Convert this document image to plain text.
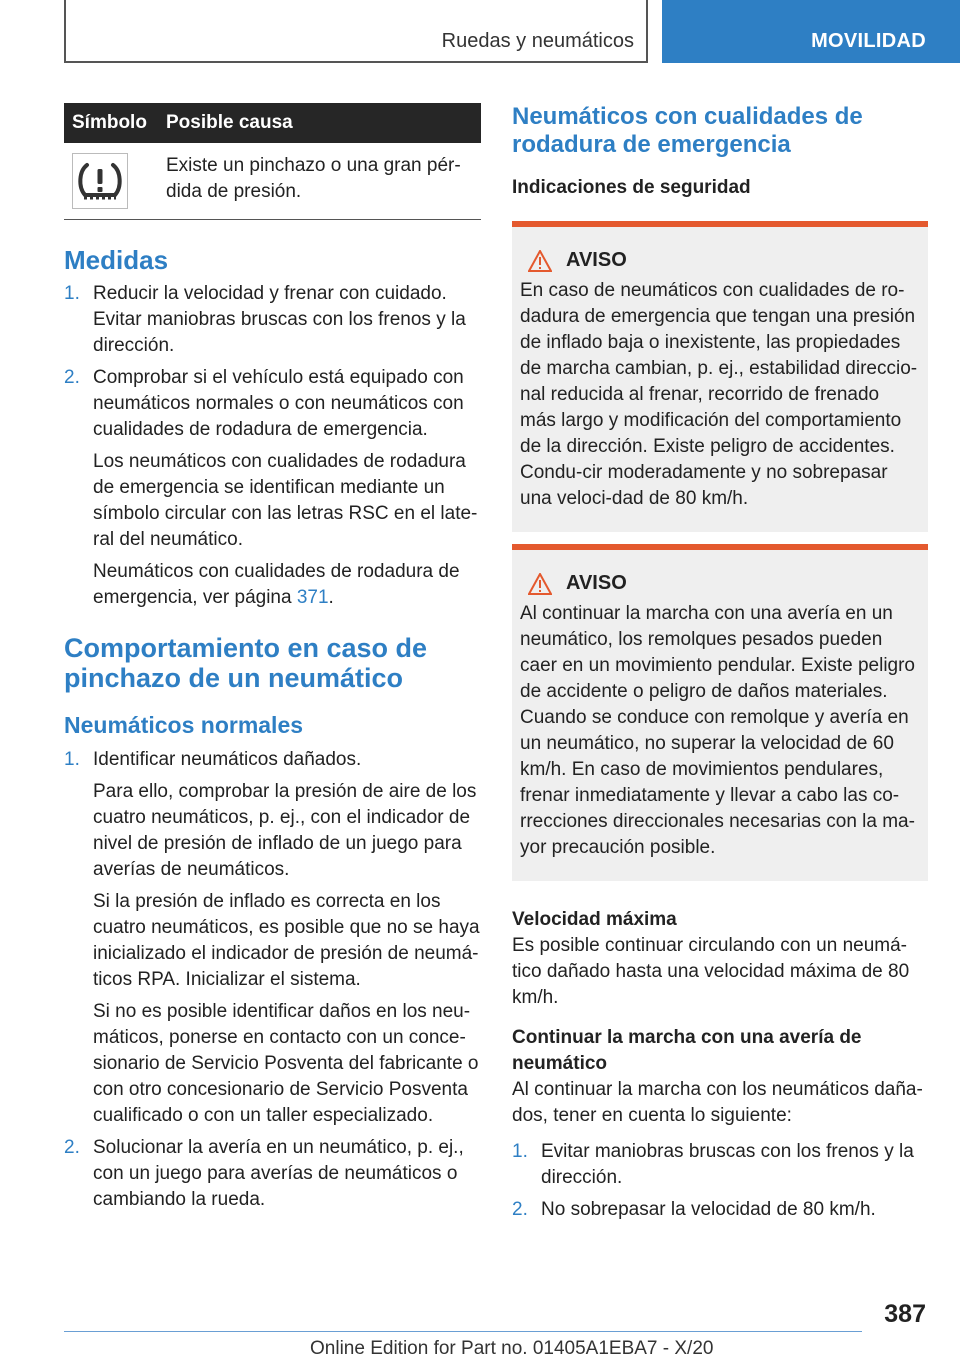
Ruedas y neumáticos	MOVILIDAD
Símbolo	Posible causa

	Existe un pinchazo o una gran pér-dida de presión.
Medidas
1. Reducir la velocidad y frenar con cuidado. Evitar maniobras bruscas con los frenos y la dirección.
2. Comprobar si el vehículo está equipado con neumáticos normales o con neumáticos con cualidades de rodadura de emergencia.
Los neumáticos con cualidades de rodadura de emergencia se identifican mediante un símbolo circular con las letras RSC en el late-ral del neumático.
Neumáticos con cualidades de rodadura de emergencia, ver página 371.
Comportamiento en caso de pinchazo de un neumático
Neumáticos normales
1. Identificar neumáticos dañados.
Para ello, comprobar la presión de aire de los cuatro neumáticos, p. ej., con el indicador de nivel de presión de inflado de un juego para averías de neumáticos.
Si la presión de inflado es correcta en los cuatro neumáticos, es posible que no se haya inicializado el indicador de presión de neumá-ticos RPA. Inicializar el sistema.
Si no es posible identificar daños en los neu-máticos, ponerse en contacto con un conce-sionario de Servicio Posventa del fabricante o con otro concesionario de Servicio Posventa cualificado o con un taller especializado.
2. Solucionar la avería en un neumático, p. ej., con un juego para averías de neumáticos o cambiando la rueda.
Neumáticos con cualidades de rodadura de emergencia
Indicaciones de seguridad
AVISO

En caso de neumáticos con cualidades de ro-dadura de emergencia que tengan una presión de inflado baja o inexistente, las propiedades de marcha cambian, p. ej., estabilidad direccio-nal reducida al frenar, recorrido de frenado más largo y modificación del comportamiento de la dirección. Existe peligro de accidentes. Condu-cir moderadamente y no sobrepasar una veloci-dad de 80 km/h.

AVISO

Al continuar la marcha con una avería en un neumático, los remolques pesados pueden caer en un movimiento pendular. Existe peligro de accidente o peligro de daños materiales. Cuando se conduce con remolque y avería en un neumático, no superar la velocidad de 60 km/h. En caso de movimientos pendulares, frenar inmediatamente y llevar a cabo las co-rrecciones direccionales necesarias con la ma-yor precaución posible.

Velocidad máxima
Es posible continuar circulando con un neumá-tico dañado hasta una velocidad máxima de 80 km/h.
Continuar la marcha con una avería de neumático
Al continuar la marcha con los neumáticos daña-dos, tener en cuenta lo siguiente:
1. Evitar maniobras bruscas con los frenos y la dirección.
2. No sobrepasar la velocidad de 80 km/h.
387
Online Edition for Part no. 01405A1EBA7 - X/20
